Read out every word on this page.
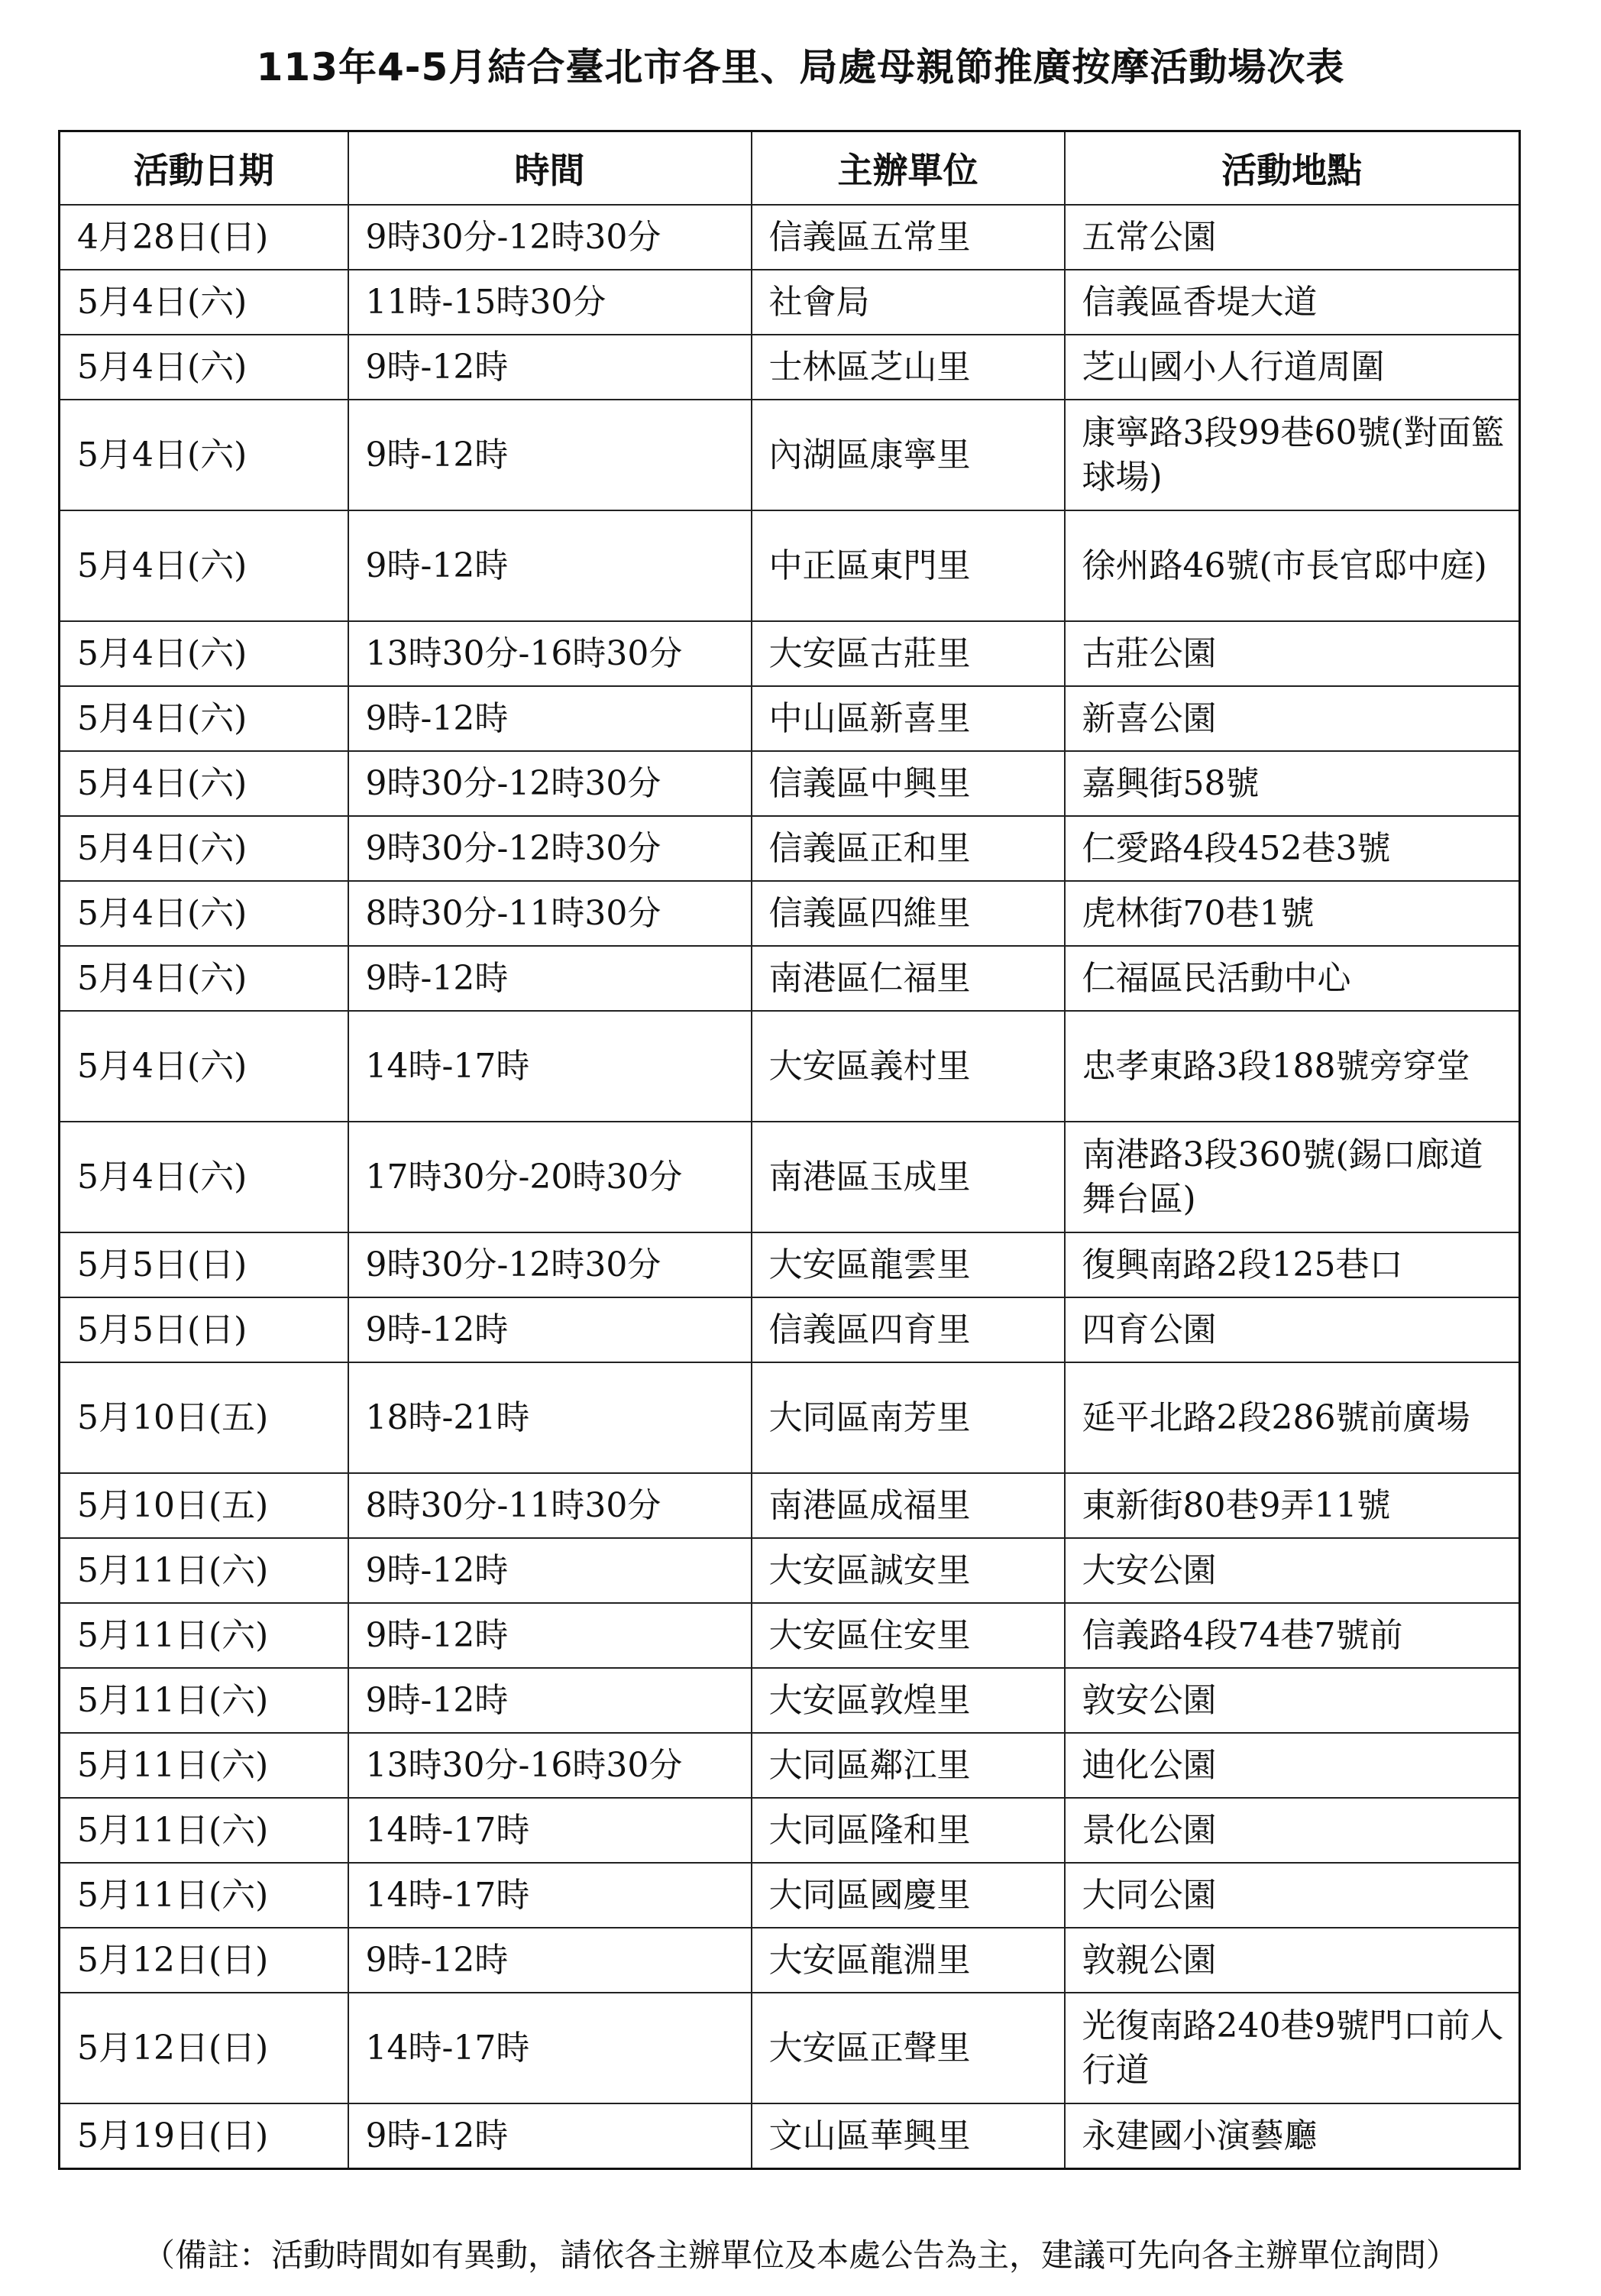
113年4-5月結合臺北市各里、局處母親節推廣按摩活動場次表
活動日期	時間	主辦單位	活動地點
4月28日(日)	9時30分-12時30分	信義區五常里	五常公園
5月4日(六)	11時-15時30分	社會局	信義區香堤大道
5月4日(六)	9時-12時	士林區芝山里	芝山國小人行道周圍
5月4日(六)	9時-12時	內湖區康寧里	康寧路3段99巷60號(對面籃球場)
5月4日(六)	9時-12時	中正區東門里	徐州路46號(市長官邸中庭)
5月4日(六)	13時30分-16時30分	大安區古莊里	古莊公園
5月4日(六)	9時-12時	中山區新喜里	新喜公園
5月4日(六)	9時30分-12時30分	信義區中興里	嘉興街58號
5月4日(六)	9時30分-12時30分	信義區正和里	仁愛路4段452巷3號
5月4日(六)	8時30分-11時30分	信義區四維里	虎林街70巷1號
5月4日(六)	9時-12時	南港區仁福里	仁福區民活動中心
5月4日(六)	14時-17時	大安區義村里	忠孝東路3段188號旁穿堂
5月4日(六)	17時30分-20時30分	南港區玉成里	南港路3段360號(錫口廊道舞台區)
5月5日(日)	9時30分-12時30分	大安區龍雲里	復興南路2段125巷口
5月5日(日)	9時-12時	信義區四育里	四育公園
5月10日(五)	18時-21時	大同區南芳里	延平北路2段286號前廣場
5月10日(五)	8時30分-11時30分	南港區成福里	東新街80巷9弄11號
5月11日(六)	9時-12時	大安區誠安里	大安公園
5月11日(六)	9時-12時	大安區住安里	信義路4段74巷7號前
5月11日(六)	9時-12時	大安區敦煌里	敦安公園
5月11日(六)	13時30分-16時30分	大同區鄰江里	迪化公園
5月11日(六)	14時-17時	大同區隆和里	景化公園
5月11日(六)	14時-17時	大同區國慶里	大同公園
5月12日(日)	9時-12時	大安區龍淵里	敦親公園
5月12日(日)	14時-17時	大安區正聲里	光復南路240巷9號門口前人行道
5月19日(日)	9時-12時	文山區華興里	永建國小演藝廳
（備註：活動時間如有異動，請依各主辦單位及本處公告為主，建議可先向各主辦單位詢問）
